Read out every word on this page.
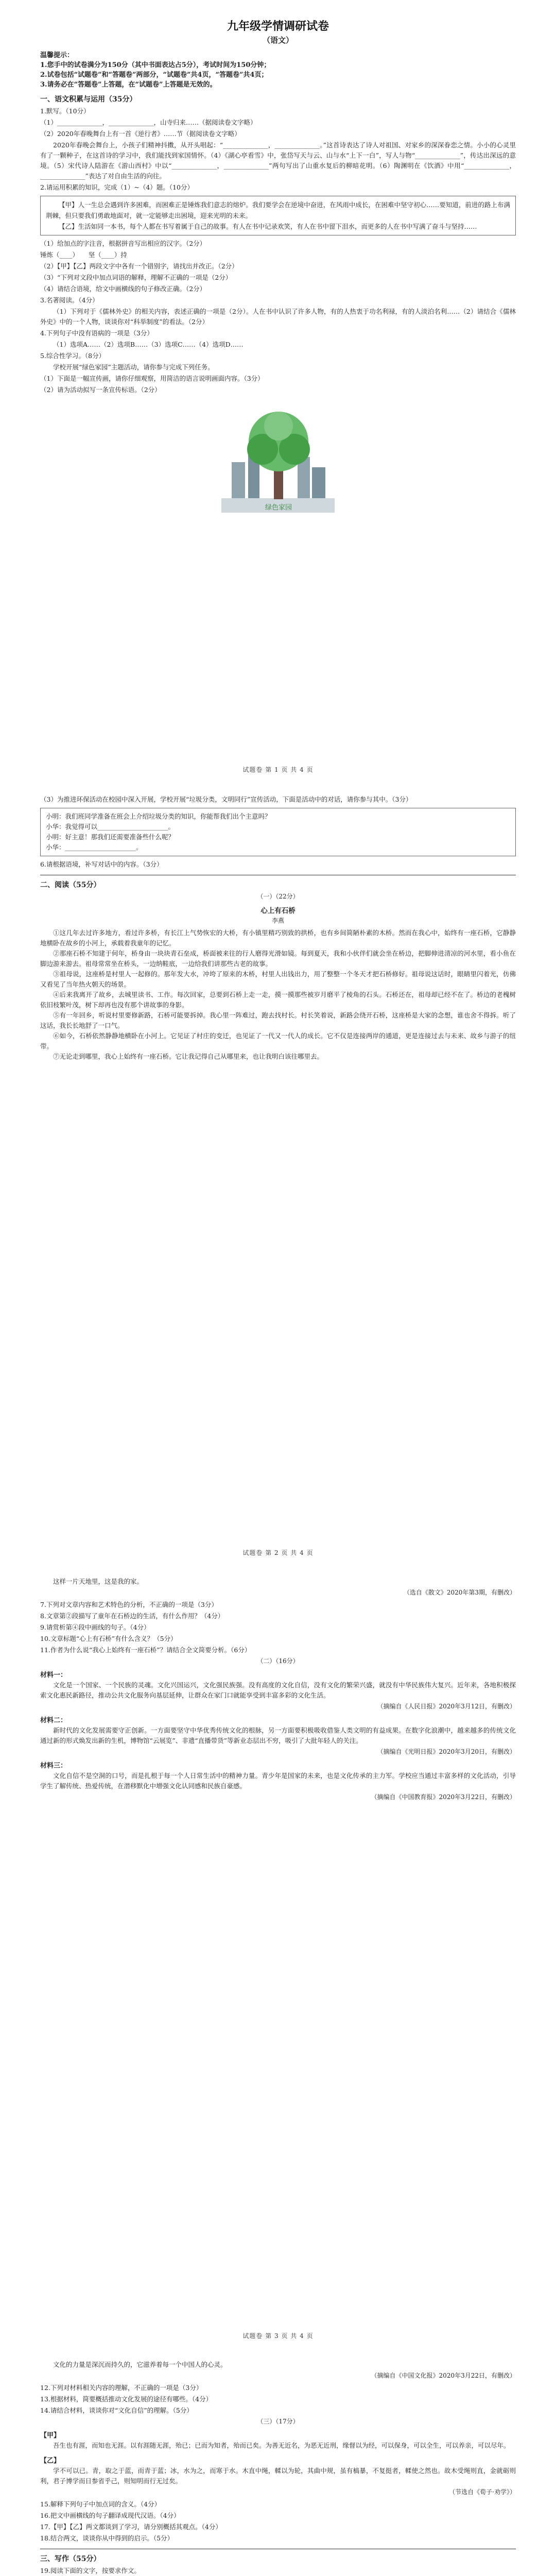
九年级学情调研试卷
（语文）
温馨提示：
1.您手中的试卷满分为150分（其中书面表达占5分），考试时间为150分钟；
2.试卷包括“试题卷”和“答题卷”两部分，“试题卷”共4页，“答题卷”共4页；
3.请务必在“答题卷”上答题，在“试题卷”上答题是无效的。
一、语文积累与运用（35分）

1.默写。（10分）

（1）______________，______________，山寺归来……（据阅读卷文字略）

（2）2020年春晚舞台上有一首《逆行者》……节（据阅读卷文字略）

2020年春晚会舞台上，小孩子们精神抖擞，从开头唱起：“______________，______________。”这首诗表达了诗人对祖国、对家乡的深深眷恋之情。小小的心灵里有了一颗种子，在这首诗的学习中，我们能找到家国情怀。（4）《湖心亭看雪》中，张岱写天与云、山与水“上下一白”，写人与物“______________”，传达出深远的意境。（5）宋代诗人陆游在《游山西村》中以“______________，______________”两句写出了山重水复后的柳暗花明。（6）陶渊明在《饮酒》中用“______________，______________”表达了对自由生活的向往。

2.请运用积累的知识，完成（1）~（4）题。（10分）

【甲】人一生总会遇到许多困难，而困难正是锤炼我们意志的熔炉。我们要学会在逆境中奋进，在风雨中成长，在困难中坚守初心……要知道，前进的路上布满荆棘，但只要我们勇敢地面对，就一定能够走出困境，迎来光明的未来。

【乙】生活如同一本书，每个人都在书写着属于自己的故事。有人在书中记录欢笑，有人在书中留下泪水，而更多的人在书中写满了奋斗与坚持……

（1）给加点的字注音，根据拼音写出相应的汉字。（2分）

锤炼（____）　　坚（____）持

（2）【甲】【乙】两段文字中各有一个错别字，请找出并改正。（2分）

（3）“下列对文段中加点词语的解释，理解不正确的一项是（2分）

（4）请结合语境，给文中画横线的句子修改正确。（2分）

3.名著阅读。（4分）

（1）下列对于《儒林外史》的相关内容，表述正确的一项是（2分）。人在书中认识了许多人物，有的人热衷于功名利禄，有的人淡泊名利……（2）请结合《儒林外史》中的一个人物，谈谈你对“科举制度”的看法。（2分）

4.下列句子中没有语病的一项是（3分）

（1）选项A……（2）选项B……（3）选项C……（4）选项D……

5.综合性学习。（8分）

学校开展“绿色家园”主题活动，请你参与完成下列任务。

（1）下面是一幅宣传画，请你仔细观察，用简洁的语言说明画面内容。（3分）

（2）请为活动拟写一条宣传标语。（2分）

绿色家园
试题卷 第 1 页 共 4 页

（3）为推进环保活动在校园中深入开展，学校开展“垃圾分类，文明同行”宣传活动，下面是活动中的对话，请你参与其中。（3分）

小明：我们班同学准备在班会上介绍垃圾分类的知识，你能帮我们出个主意吗？

小华：我觉得可以______________________。

小明：好主意！那我们还需要准备些什么呢？

小华：______________________。

6.请根据语境，补写对话中的内容。（3分）

二、阅读（55分）
（一）（22分）
心上有石桥
李燕

①这几年去过许多地方，看过许多桥，有长江上气势恢宏的大桥，有小镇里精巧别致的拱桥，也有乡间简陋朴素的木桥。然而在我心中，始终有一座石桥，它静静地横卧在故乡的小河上，承载着我童年的记忆。

②那座石桥不知建于何年，桥身由一块块青石垒成，桥面被来往的行人磨得光滑如镜。每到夏天，我和小伙伴们就会坐在桥边，把脚伸进清凉的河水里，看小鱼在脚边游来游去。祖母常常坐在桥头，一边纳鞋底，一边给我们讲那些古老的故事。

③祖母说，这座桥是村里人一起修的。那年发大水，冲垮了原来的木桥，村里人出钱出力，用了整整一个冬天才把石桥修好。祖母说这话时，眼睛里闪着光，仿佛又看见了当年热火朝天的场景。

④后来我离开了故乡，去城里读书、工作。每次回家，总要到石桥上走一走，摸一摸那些被岁月磨平了棱角的石头。石桥还在，祖母却已经不在了。桥边的老槐树依旧枝繁叶茂，树下却再也没有那个讲故事的身影。

⑤有一年回乡，听说村里要修新路，石桥可能要拆掉。我心里一阵难过，跑去找村长。村长笑着说，新路会绕开石桥，这座桥是大家的念想，谁也舍不得拆。听了这话，我长长地舒了一口气。

⑥如今，石桥依然静静地横卧在小河上。它见证了村庄的变迁，也见证了一代又一代人的成长。它不仅是连接两岸的通道，更是连接过去与未来、故乡与游子的纽带。

⑦无论走到哪里，我心上始终有一座石桥。它让我记得自己从哪里来，也让我明白该往哪里去。

试题卷 第 2 页 共 4 页

这样一片天地里，这是我的家。

（选自《散文》2020年第3期，有删改）

7.下列对文章内容和艺术特色的分析，不正确的一项是（3分）

8.文章第②段描写了童年在石桥边的生活，有什么作用？（4分）

9.请赏析第④段中画线的句子。（4分）

10.文章标题“心上有石桥”有什么含义？（5分）

11.作者为什么说“我心上始终有一座石桥”？请结合全文简要分析。（6分）

（二）（16分）
材料一：

文化是一个国家、一个民族的灵魂。文化兴国运兴，文化强民族强。没有高度的文化自信，没有文化的繁荣兴盛，就没有中华民族伟大复兴。近年来，各地积极探索文化惠民新路径，推动公共文化服务向基层延伸，让群众在家门口就能享受到丰富多彩的文化生活。

（摘编自《人民日报》2020年3月12日，有删改）
材料二：

新时代的文化发展需要守正创新。一方面要坚守中华优秀传统文化的根脉，另一方面要积极吸收借鉴人类文明的有益成果。在数字化浪潮中，越来越多的传统文化通过新的形式焕发出新的生机，博物馆“云展览”、非遗“直播带货”等新业态层出不穷，吸引了大批年轻人的关注。

（摘编自《光明日报》2020年3月20日，有删改）
材料三：

文化自信不是空洞的口号，而是扎根于每一个人日常生活中的精神力量。青少年是国家的未来，也是文化传承的主力军。学校应当通过丰富多样的文化活动，引导学生了解传统、热爱传统，在潜移默化中增强文化认同感和民族自豪感。

（摘编自《中国教育报》2020年3月22日，有删改）
试题卷 第 3 页 共 4 页

文化的力量是深沉而持久的，它滋养着每一个中国人的心灵。

（摘编自《中国文化报》2020年3月22日，有删改）

12.下列对材料相关内容的理解，不正确的一项是（3分）

13.根据材料，简要概括推动文化发展的途径有哪些。（4分）

14.请结合材料，谈谈你对“文化自信”的理解。（5分）

（三）（17分）
【甲】

吾生也有涯，而知也无涯。以有涯随无涯，殆已；已而为知者，殆而已矣。为善无近名，为恶无近刑，缘督以为经，可以保身，可以全生，可以养亲，可以尽年。

【乙】

学不可以已。青，取之于蓝，而青于蓝；冰，水为之，而寒于水。木直中绳，輮以为轮，其曲中规，虽有槁暴，不复挺者，輮使之然也。故木受绳则直，金就砺则利，君子博学而日参省乎己，则知明而行无过矣。

（节选自《荀子·劝学》）

15.解释下列句子中加点词的含义。（4分）

16.把文中画横线的句子翻译成现代汉语。（4分）

17.【甲】【乙】两文都谈到了学习，请分别概括其观点。（4分）

18.结合两文，谈谈你从中得到的启示。（5分）

三、写作（55分）

19.阅读下面的文字，按要求作文。
